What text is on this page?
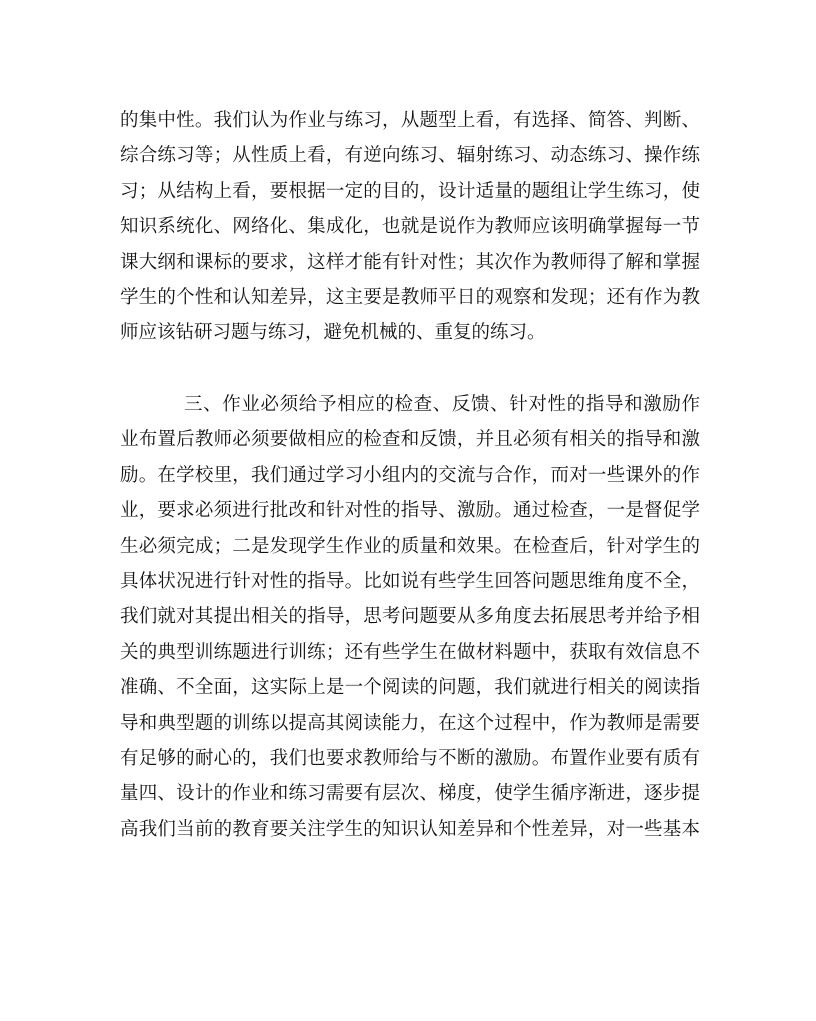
的集中性。我们认为作业与练习，从题型上看，有选择、简答、判断、
综合练习等；从性质上看，有逆向练习、辐射练习、动态练习、操作练
习；从结构上看，要根据一定的目的，设计适量的题组让学生练习，使
知识系统化、网络化、集成化，也就是说作为教师应该明确掌握每一节
课大纲和课标的要求，这样才能有针对性；其次作为教师得了解和掌握
学生的个性和认知差异，这主要是教师平日的观察和发现；还有作为教
师应该钻研习题与练习，避免机械的、重复的练习。
三、作业必须给予相应的检查、反馈、针对性的指导和激励作
业布置后教师必须要做相应的检查和反馈，并且必须有相关的指导和激
励。在学校里，我们通过学习小组内的交流与合作，而对一些课外的作
业，要求必须进行批改和针对性的指导、激励。通过检查，一是督促学
生必须完成；二是发现学生作业的质量和效果。在检查后，针对学生的
具体状况进行针对性的指导。比如说有些学生回答问题思维角度不全，
我们就对其提出相关的指导，思考问题要从多角度去拓展思考并给予相
关的典型训练题进行训练；还有些学生在做材料题中，获取有效信息不
准确、不全面，这实际上是一个阅读的问题，我们就进行相关的阅读指
导和典型题的训练以提高其阅读能力，在这个过程中，作为教师是需要
有足够的耐心的，我们也要求教师给与不断的激励。布置作业要有质有
量四、设计的作业和练习需要有层次、梯度，使学生循序渐进，逐步提
高我们当前的教育要关注学生的知识认知差异和个性差异，对一些基本
